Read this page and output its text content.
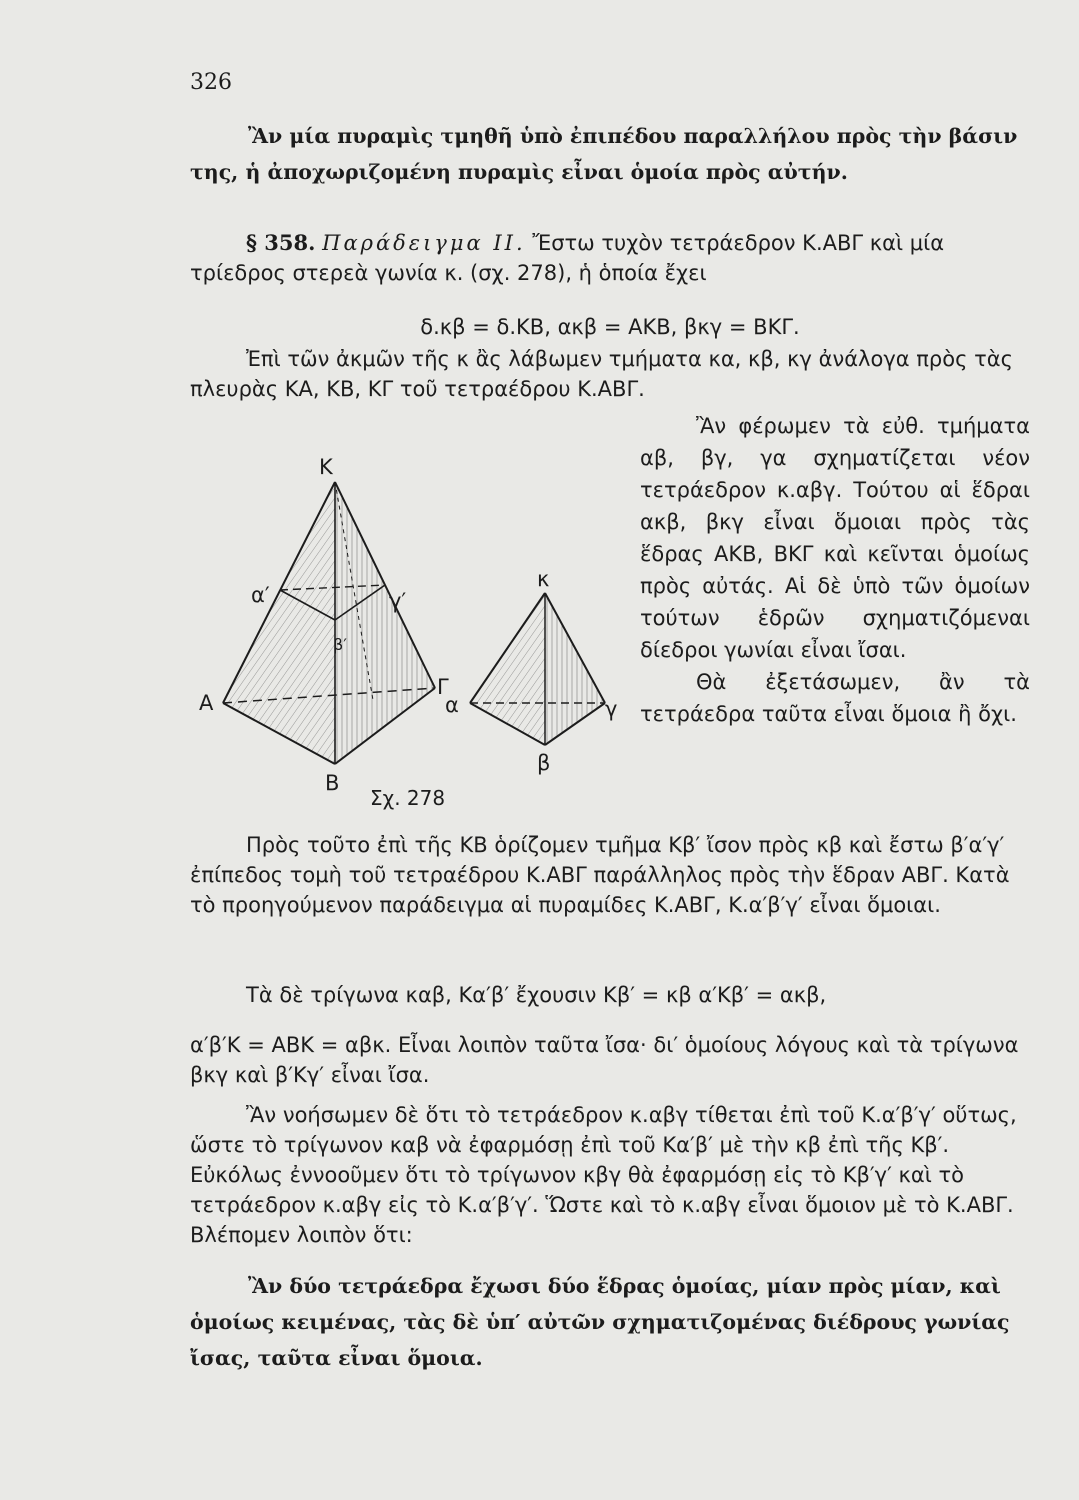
326

Ἂν μία πυραμὶς τμηθῆ ὑπὸ ἐπιπέδου παραλλήλου πρὸς τὴν βάσιν της, ἡ ἀποχωριζομένη πυραμὶς εἶναι ὁμοία πρὸς αὐτήν.

§ 358. Παράδειγμα ΙΙ. Ἔστω τυχὸν τετράεδρον Κ.ΑΒΓ καὶ μία τρίεδρος στερεὰ γωνία κ. (σχ. 278), ἡ ὁποία ἔχει

δ.κβ = δ.ΚΒ, ακβ = ΑΚΒ, βκγ = ΒΚΓ.

Ἐπὶ τῶν ἀκμῶν τῆς κ ἂς λάβωμεν τμήματα κα, κβ, κγ ἀνάλογα πρὸς τὰς πλευρὰς ΚΑ, ΚΒ, ΚΓ τοῦ τετραέδρου Κ.ΑΒΓ.

Ἂν φέρωμεν τὰ εὐθ. τμήματα αβ, βγ, γα σχηματίζεται νέον τετράεδρον κ.αβγ. Τούτου αἱ ἕδραι ακβ, βκγ εἶναι ὅμοιαι πρὸς τὰς ἕδρας ΑΚΒ, ΒΚΓ καὶ κεῖνται ὁμοίως πρὸς αὐτάς. Αἱ δὲ ὑπὸ τῶν ὁμοίων τούτων ἑδρῶν σχηματιζόμεναι δίεδροι γωνίαι εἶναι ἴσαι.

Θὰ ἐξετάσωμεν, ἂν τὰ τετράεδρα ταῦτα εἶναι ὅμοια ἢ ὄχι.

Κ
Α
Β
Γ
α′
β′
γ′
κ
α
β
γ
Σχ. 278

Πρὸς τοῦτο ἐπὶ τῆς ΚΒ ὁρίζομεν τμῆμα Κβ′ ἴσον πρὸς κβ καὶ ἔστω β′α′γ′ ἐπίπεδος τομὴ τοῦ τετραέδρου Κ.ΑΒΓ παράλληλος πρὸς τὴν ἕδραν ΑΒΓ. Κατὰ τὸ προηγούμενον παράδειγμα αἱ πυραμίδες Κ.ΑΒΓ, Κ.α′β′γ′ εἶναι ὅμοιαι.

Τὰ δὲ τρίγωνα καβ, Κα′β′ ἔχουσιν Κβ′ = κβ α′Κβ′ = ακβ,

α′β′Κ = ΑΒΚ = αβκ. Εἶναι λοιπὸν ταῦτα ἴσα· δι′ ὁμοίους λόγους καὶ τὰ τρίγωνα βκγ καὶ β′Κγ′ εἶναι ἴσα.

Ἂν νοήσωμεν δὲ ὅτι τὸ τετράεδρον κ.αβγ τίθεται ἐπὶ τοῦ Κ.α′β′γ′ οὕτως, ὥστε τὸ τρίγωνον καβ νὰ ἐφαρμόσῃ ἐπὶ τοῦ Κα′β′ μὲ τὴν κβ ἐπὶ τῆς Κβ′. Εὐκόλως ἐννοοῦμεν ὅτι τὸ τρίγωνον κβγ θὰ ἐφαρμόσῃ εἰς τὸ Κβ′γ′ καὶ τὸ τετράεδρον κ.αβγ εἰς τὸ Κ.α′β′γ′. Ὥστε καὶ τὸ κ.αβγ εἶναι ὅμοιον μὲ τὸ Κ.ΑΒΓ. Βλέπομεν λοιπὸν ὅτι:

Ἂν δύο τετράεδρα ἔχωσι δύο ἕδρας ὁμοίας, μίαν πρὸς μίαν, καὶ ὁμοίως κειμένας, τὰς δὲ ὑπ′ αὐτῶν σχηματιζομένας διέδρους γωνίας ἴσας, ταῦτα εἶναι ὅμοια.
